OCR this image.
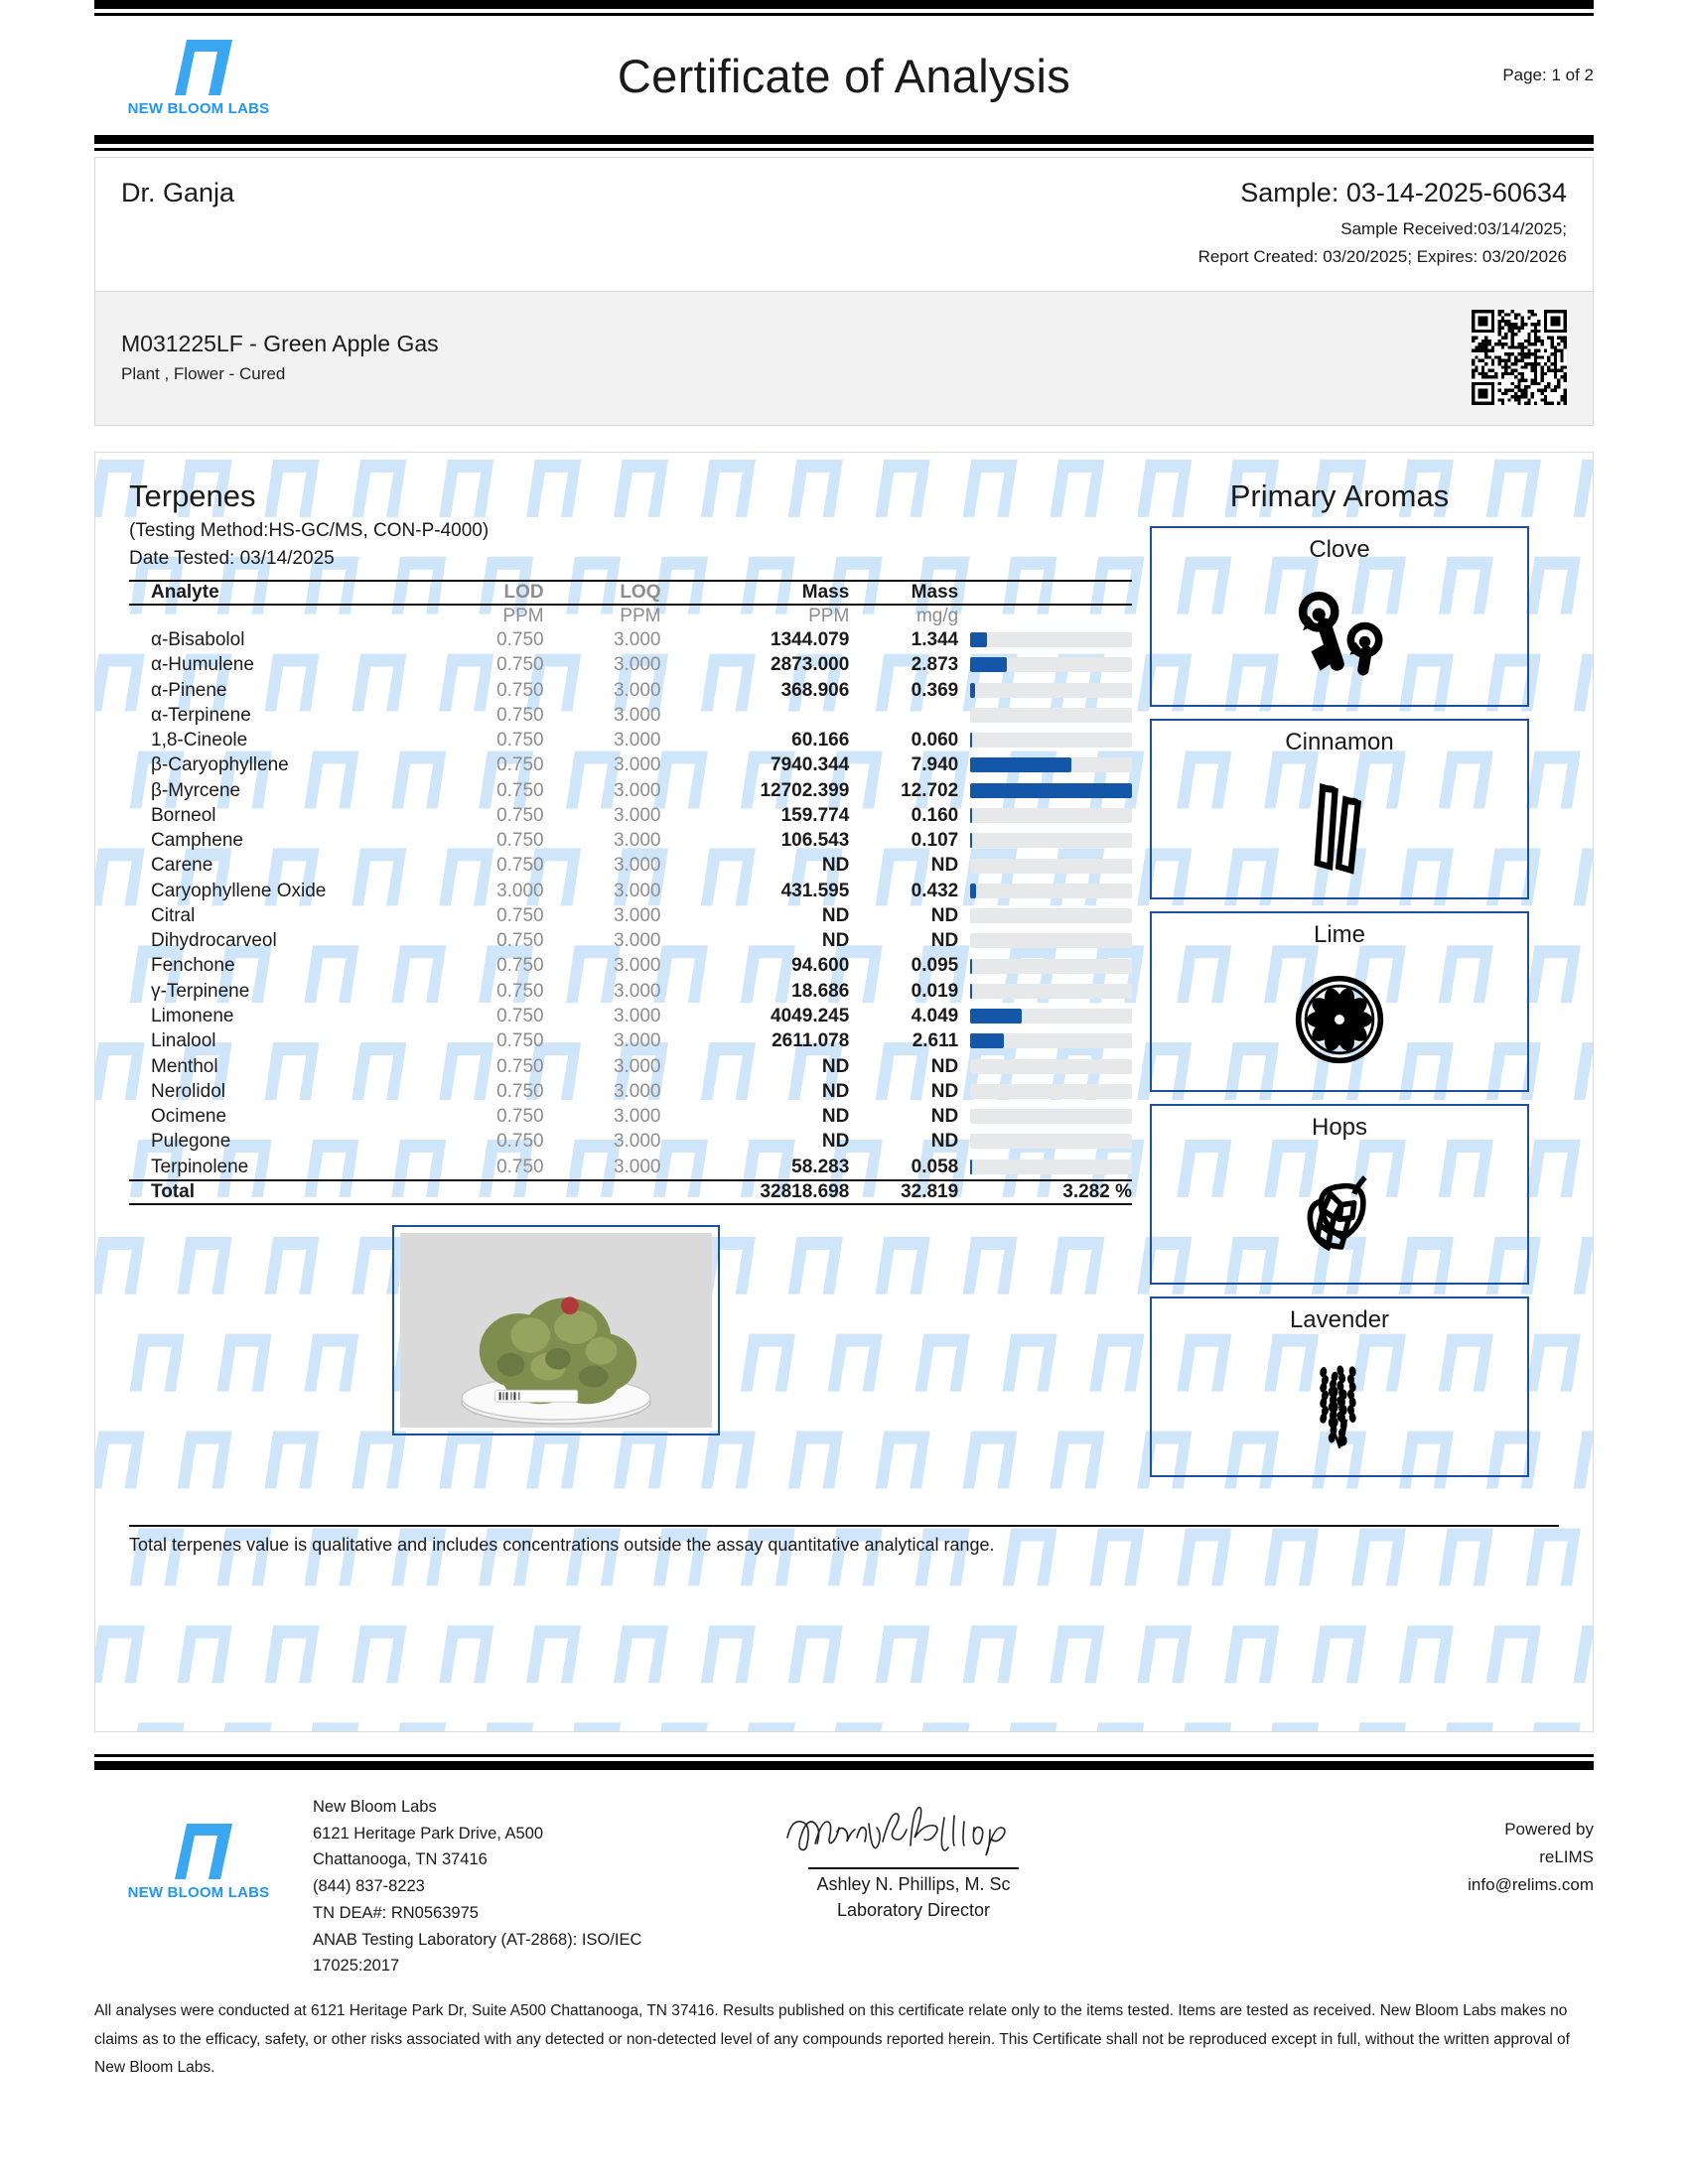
NEW BLOOM LABS
Certificate of Analysis	Page: 1 of 2
Dr. Ganja	Sample: 03-14-2025-60634
Sample Received:03/14/2025;
Report Created: 03/20/2025; Expires: 03/20/2026
M031225LF - Green Apple Gas
Plant , Flower - Cured
Terpenes
(Testing Method:HS-GC/MS, CON-P-4000)
Date Tested: 03/14/2025
Analyte	LOD	LOQ	Mass	Mass	
	PPM	PPM	PPM	mg/g	
α-Bisabolol	0.750	3.000	1344.079	1.344	

α-Humulene	0.750	3.000	2873.000	2.873	

α-Pinene	0.750	3.000	368.906	0.369	

α-Terpinene	0.750	3.000			

1,8-Cineole	0.750	3.000	60.166	0.060	

β-Caryophyllene	0.750	3.000	7940.344	7.940	

β-Myrcene	0.750	3.000	12702.399	12.702	

Borneol	0.750	3.000	159.774	0.160	

Camphene	0.750	3.000	106.543	0.107	

Carene	0.750	3.000	ND	ND	

Caryophyllene Oxide	3.000	3.000	431.595	0.432	

Citral	0.750	3.000	ND	ND	

Dihydrocarveol	0.750	3.000	ND	ND	

Fenchone	0.750	3.000	94.600	0.095	

γ-Terpinene	0.750	3.000	18.686	0.019	

Limonene	0.750	3.000	4049.245	4.049	

Linalool	0.750	3.000	2611.078	2.611	

Menthol	0.750	3.000	ND	ND	

Nerolidol	0.750	3.000	ND	ND	

Ocimene	0.750	3.000	ND	ND	

Pulegone	0.750	3.000	ND	ND	

Terpinolene	0.750	3.000	58.283	0.058	

Total			32818.698	32.819	3.282 %

Primary Aromas
Clove
Cinnamon
Lime
Hops
Lavender
Total terpenes value is qualitative and includes concentrations outside the assay quantitative analytical range.
NEW BLOOM LABS
New Bloom Labs
6121 Heritage Park Drive, A500
Chattanooga, TN 37416
(844) 837-8223
TN DEA#: RN0563975
ANAB Testing Laboratory (AT-2868): ISO/IEC
17025:2017
Ashley N. Phillips, M. Sc
Laboratory Director
Powered by
reLIMS
info@relims.com
All analyses were conducted at 6121 Heritage Park Dr, Suite A500 Chattanooga, TN 37416. Results published on this certificate relate only to the items tested. Items are tested as received. New Bloom Labs makes no claims as to the efficacy, safety, or other risks associated with any detected or non-detected level of any compounds reported herein. This Certificate shall not be reproduced except in full, without the written approval of New Bloom Labs.
